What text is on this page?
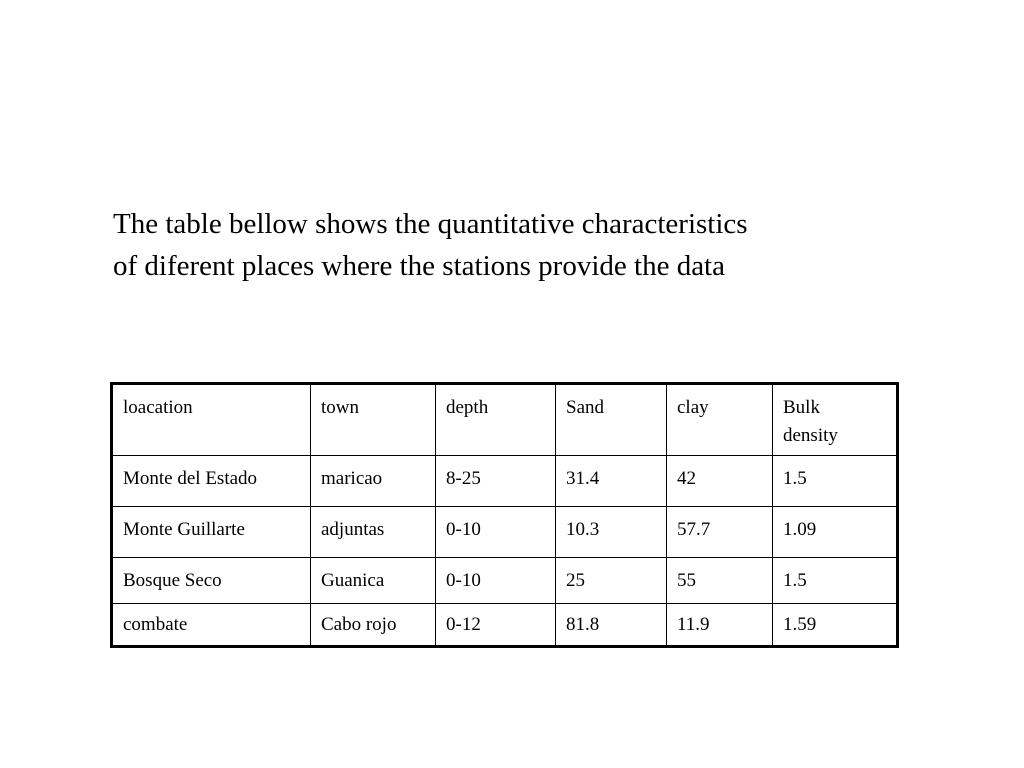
The table bellow shows the quantitative characteristics
of diferent places where the stations provide the data

loacation	town	depth	Sand	clay	Bulk
density

Monte del Estado	maricao	8-25	31.4	42	1.5
Monte Guillarte	adjuntas	0-10	10.3	57.7	1.09
Bosque Seco	Guanica	0-10	25	55	1.5
combate	Cabo rojo	0-12	81.8	11.9	1.59
